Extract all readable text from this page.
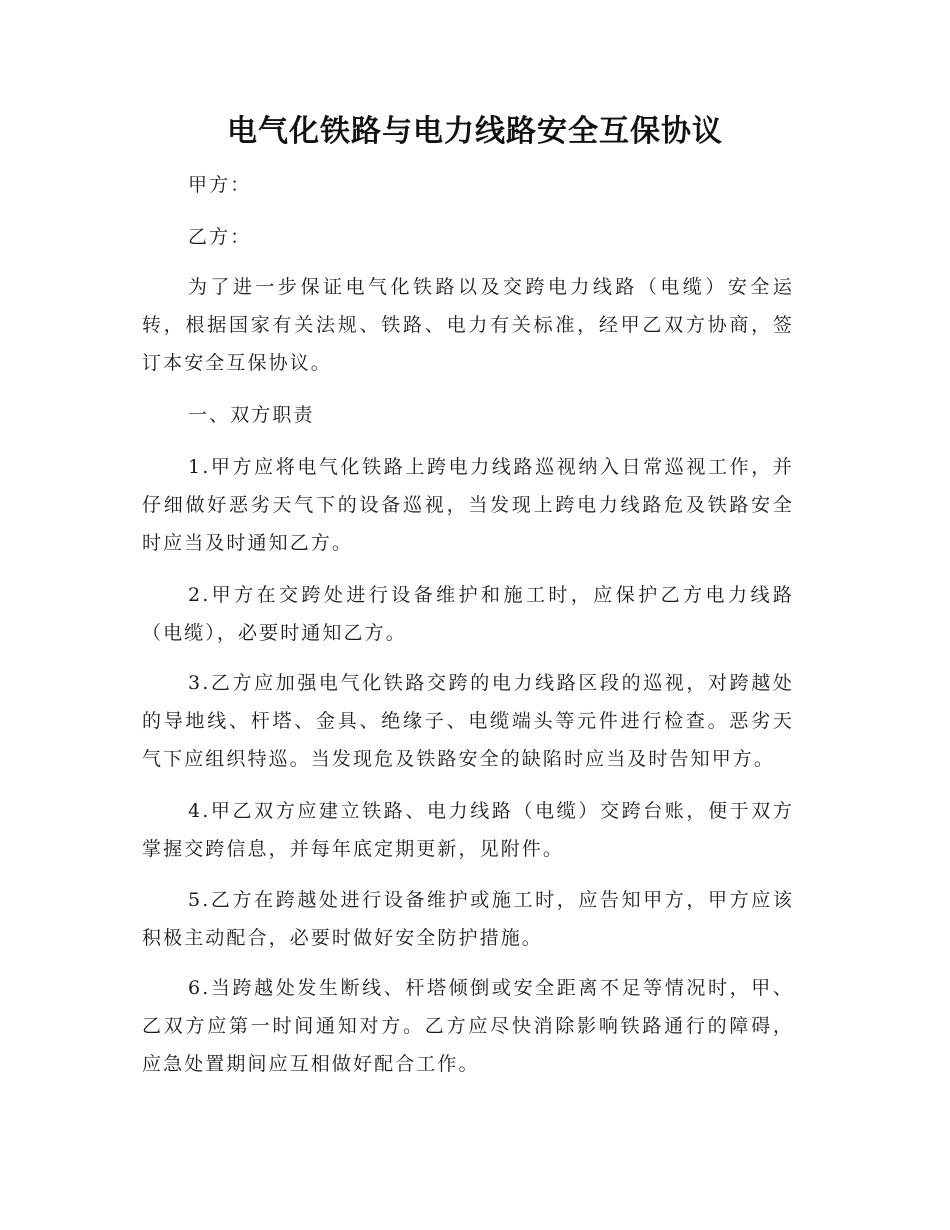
电气化铁路与电力线路安全互保协议

甲方：

乙方：

为了进一步保证电气化铁路以及交跨电力线路（电缆）安全运转，根据国家有关法规、铁路、电力有关标准，经甲乙双方协商，签订本安全互保协议。

一、双方职责

1.甲方应将电气化铁路上跨电力线路巡视纳入日常巡视工作，并仔细做好恶劣天气下的设备巡视，当发现上跨电力线路危及铁路安全时应当及时通知乙方。

2.甲方在交跨处进行设备维护和施工时，应保护乙方电力线路（电缆），必要时通知乙方。

3.乙方应加强电气化铁路交跨的电力线路区段的巡视，对跨越处的导地线、杆塔、金具、绝缘子、电缆端头等元件进行检查。恶劣天气下应组织特巡。当发现危及铁路安全的缺陷时应当及时告知甲方。

4.甲乙双方应建立铁路、电力线路（电缆）交跨台账，便于双方掌握交跨信息，并每年底定期更新，见附件。

5.乙方在跨越处进行设备维护或施工时，应告知甲方，甲方应该积极主动配合，必要时做好安全防护措施。

6.当跨越处发生断线、杆塔倾倒或安全距离不足等情况时，甲、乙双方应第一时间通知对方。乙方应尽快消除影响铁路通行的障碍，应急处置期间应互相做好配合工作。
